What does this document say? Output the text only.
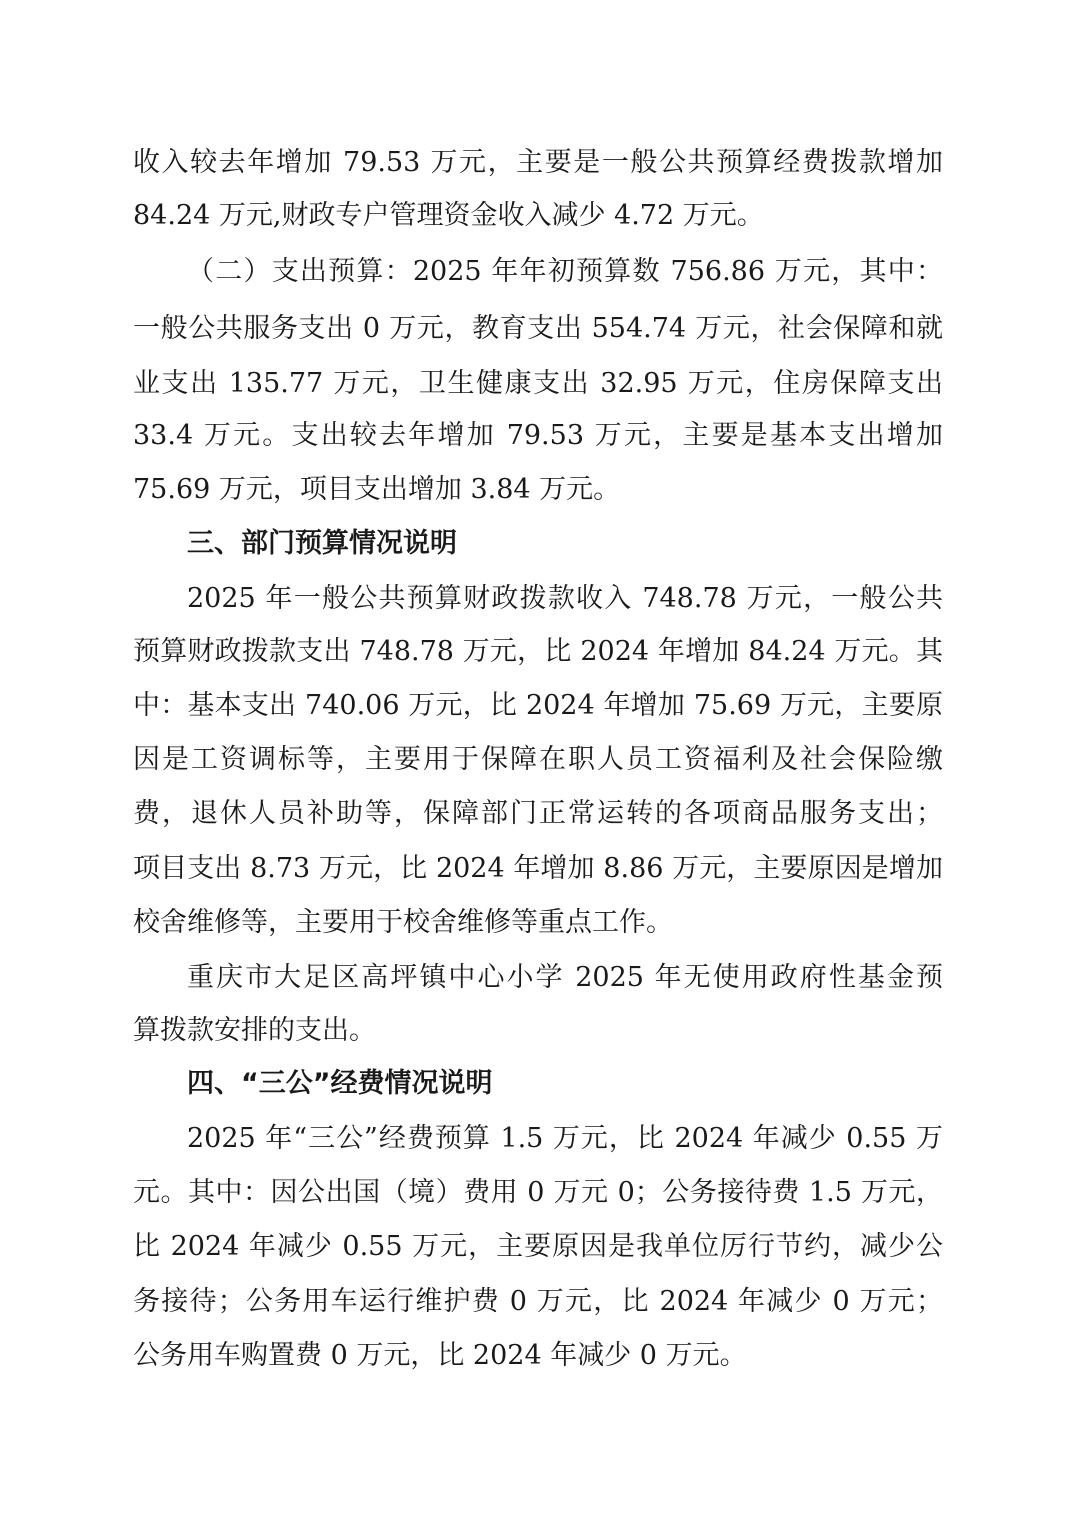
收入较去年增加 79.53 万元，主要是一般公共预算经费拨款增加
84.24 万元,财政专户管理资金收入减少 4.72 万元。
（二）支出预算：2025 年年初预算数 756.86 万元，其中：
一般公共服务支出 0 万元，教育支出 554.74 万元，社会保障和就
业支出 135.77 万元，卫生健康支出 32.95 万元，住房保障支出
33.4 万元。支出较去年增加 79.53 万元，主要是基本支出增加
75.69 万元，项目支出增加 3.84 万元。
三、部门预算情况说明
2025 年一般公共预算财政拨款收入 748.78 万元，一般公共
预算财政拨款支出 748.78 万元，比 2024 年增加 84.24 万元。其
中：基本支出 740.06 万元，比 2024 年增加 75.69 万元，主要原
因是工资调标等，主要用于保障在职人员工资福利及社会保险缴
费，退休人员补助等，保障部门正常运转的各项商品服务支出；
项目支出 8.73 万元，比 2024 年增加 8.86 万元，主要原因是增加
校舍维修等，主要用于校舍维修等重点工作。
重庆市大足区高坪镇中心小学 2025 年无使用政府性基金预
算拨款安排的支出。
四、“三公”经费情况说明
2025 年“三公”经费预算 1.5 万元，比 2024 年减少 0.55 万
元。其中：因公出国（境）费用 0 万元 0；公务接待费 1.5 万元，
比 2024 年减少 0.55 万元，主要原因是我单位厉行节约，减少公
务接待；公务用车运行维护费 0 万元，比 2024 年减少 0 万元；
公务用车购置费 0 万元，比 2024 年减少 0 万元。
